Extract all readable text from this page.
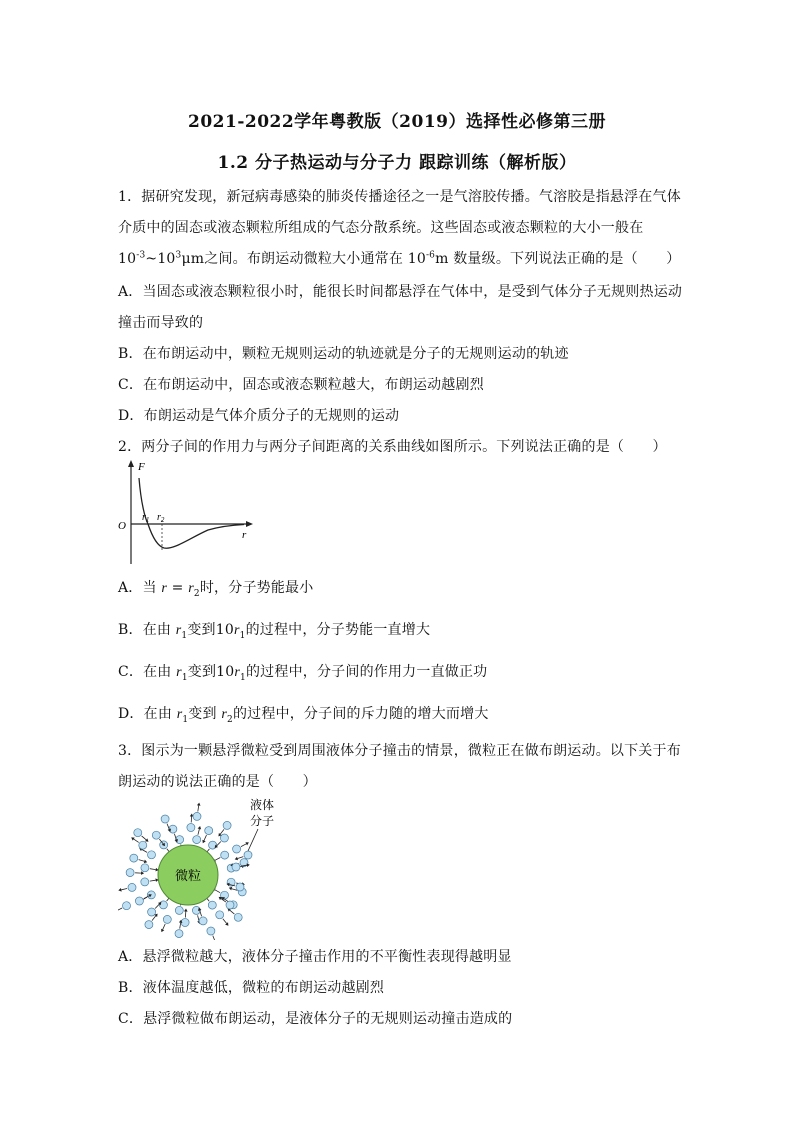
2021-2022学年粤教版（2019）选择性必修第三册
1.2 分子热运动与分子力 跟踪训练（解析版）
1．据研究发现，新冠病毒感染的肺炎传播途径之一是气溶胶传播。气溶胶是指悬浮在气体
介质中的固态或液态颗粒所组成的气态分散系统。这些固态或液态颗粒的大小一般在
$10^{-3}\sim 10^3\mu m$之间。布朗运动微粒大小通常在 $10^{-6}m$ 数量级。下列说法正确的是（　　）
A．当固态或液态颗粒很小时，能很长时间都悬浮在气体中，是受到气体分子无规则热运动
撞击而导致的
B．在布朗运动中，颗粒无规则运动的轨迹就是分子的无规则运动的轨迹
C．在布朗运动中，固态或液态颗粒越大，布朗运动越剧烈
D．布朗运动是气体介质分子的无规则的运动
2．两分子间的作用力与两分子间距离的关系曲线如图所示。下列说法正确的是（　　）
F
O
r
$r_1$ $r_2$
A．当 $r = r_2$时，分子势能最小
B．在由 $r_1$变到$10r_1$的过程中，分子势能一直增大
C．在由 $r_1$变到$10r_1$的过程中，分子间的作用力一直做正功
D．在由 $r_1$变到 $r_2$的过程中，分子间的斥力随的增大而增大
3．图示为一颗悬浮微粒受到周围液体分子撞击的情景，微粒正在做布朗运动。以下关于布
朗运动的说法正确的是（　　）
微粒
液体
分子
A．悬浮微粒越大，液体分子撞击作用的不平衡性表现得越明显
B．液体温度越低，微粒的布朗运动越剧烈
C．悬浮微粒做布朗运动，是液体分子的无规则运动撞击造成的
